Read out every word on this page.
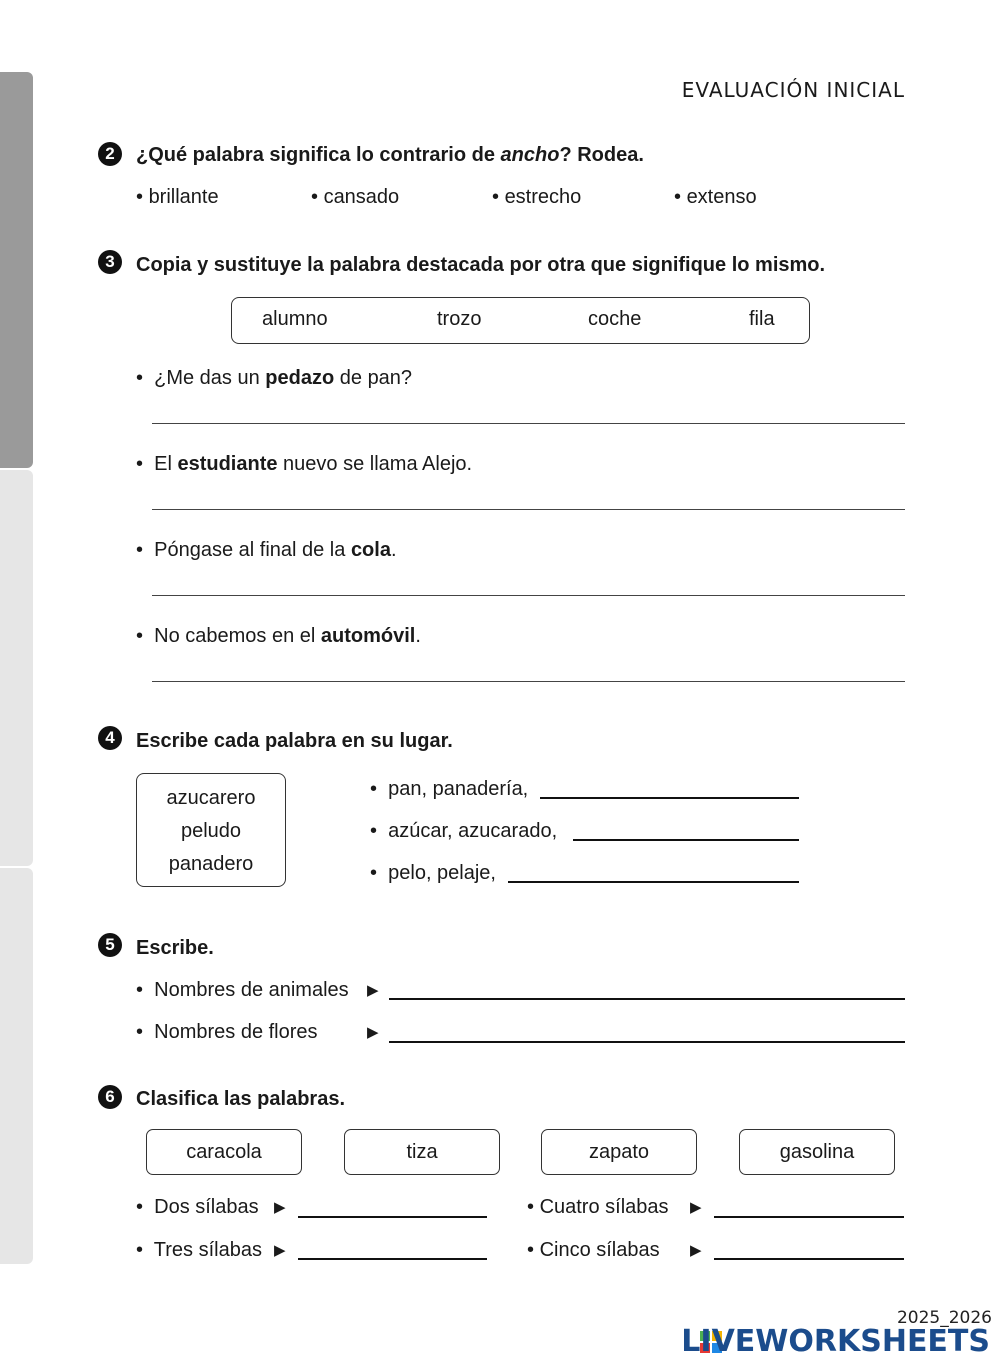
EVALUACIÓN INICIAL
2	¿Qué palabra significa lo contrario de ancho? Rodea.
• brillante	• cansado	• estrecho	• extenso
3	Copia y sustituye la palabra destacada por otra que signifique lo mismo.
alumno	trozo	coche	fila
•  ¿Me das un pedazo de pan?
•  El estudiante nuevo se llama Alejo.
•  Póngase al final de la cola.
•  No cabemos en el automóvil.
4	Escribe cada palabra en su lugar.
azucarero
peludo
panadero
•  pan, panadería,
•  azúcar, azucarado,
•  pelo, pelaje,
5	Escribe.
•  Nombres de animales ▶
•  Nombres de flores	▶
6	Clasifica las palabras.
caracola	tiza	zapato	gasolina
•  Dos sílabas ▶	• Cuatro sílabas ▶
•  Tres sílabas ▶	• Cinco sílabas ▶
2025_2026
LIVEWORKSHEETS
